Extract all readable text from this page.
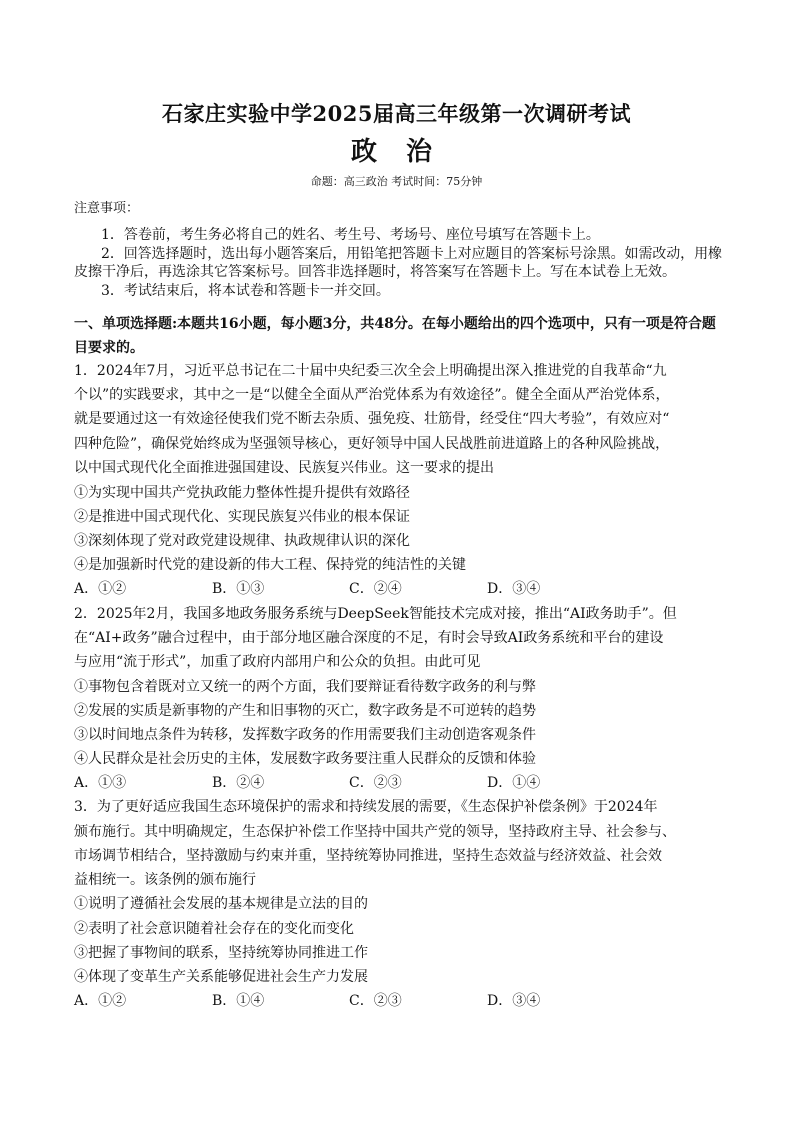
石家庄实验中学2025届高三年级第一次调研考试
政 治
命题：高三政治 考试时间：75分钟
注意事项：
1．答卷前，考生务必将自己的姓名、考生号、考场号、座位号填写在答题卡上。
2．回答选择题时，选出每小题答案后，用铅笔把答题卡上对应题目的答案标号涂黑。如需改动，用橡
皮擦干净后，再选涂其它答案标号。回答非选择题时，将答案写在答题卡上。写在本试卷上无效。
3．考试结束后，将本试卷和答题卡一并交回。
一、单项选择题:本题共16小题，每小题3分，共48分。在每小题给出的四个选项中，只有一项是符合题
目要求的。
1．2024年7月，习近平总书记在二十届中央纪委三次全会上明确提出深入推进党的自我革命“九
个以”的实践要求，其中之一是“以健全全面从严治党体系为有效途径”。健全全面从严治党体系，
就是要通过这一有效途径使我们党不断去杂质、强免疫、壮筋骨，经受住“四大考验”，有效应对“
四种危险”，确保党始终成为坚强领导核心，更好领导中国人民战胜前进道路上的各种风险挑战，
以中国式现代化全面推进强国建设、民族复兴伟业。这一要求的提出
①为实现中国共产党执政能力整体性提升提供有效路径
②是推进中国式现代化、实现民族复兴伟业的根本保证
③深刻体现了党对政党建设规律、执政规律认识的深化
④是加强新时代党的建设新的伟大工程、保持党的纯洁性的关键
A．①②	B．①③	C．②④	D．③④
2．2025年2月，我国多地政务服务系统与DeepSeek智能技术完成对接，推出“AI政务助手”。但
在“AI+政务”融合过程中，由于部分地区融合深度的不足，有时会导致AI政务系统和平台的建设
与应用“流于形式”，加重了政府内部用户和公众的负担。由此可见
①事物包含着既对立又统一的两个方面，我们要辩证看待数字政务的利与弊
②发展的实质是新事物的产生和旧事物的灭亡，数字政务是不可逆转的趋势
③以时间地点条件为转移，发挥数字政务的作用需要我们主动创造客观条件
④人民群众是社会历史的主体，发展数字政务要注重人民群众的反馈和体验
A．①③	B．②④	C．②③	D．①④
3．为了更好适应我国生态环境保护的需求和持续发展的需要，《生态保护补偿条例》于2024年
颁布施行。其中明确规定，生态保护补偿工作坚持中国共产党的领导，坚持政府主导、社会参与、
市场调节相结合，坚持激励与约束并重，坚持统筹协同推进，坚持生态效益与经济效益、社会效
益相统一。该条例的颁布施行
①说明了遵循社会发展的基本规律是立法的目的
②表明了社会意识随着社会存在的变化而变化
③把握了事物间的联系，坚持统筹协同推进工作
④体现了变革生产关系能够促进社会生产力发展
A．①②	B．①④	C．②③	D．③④
